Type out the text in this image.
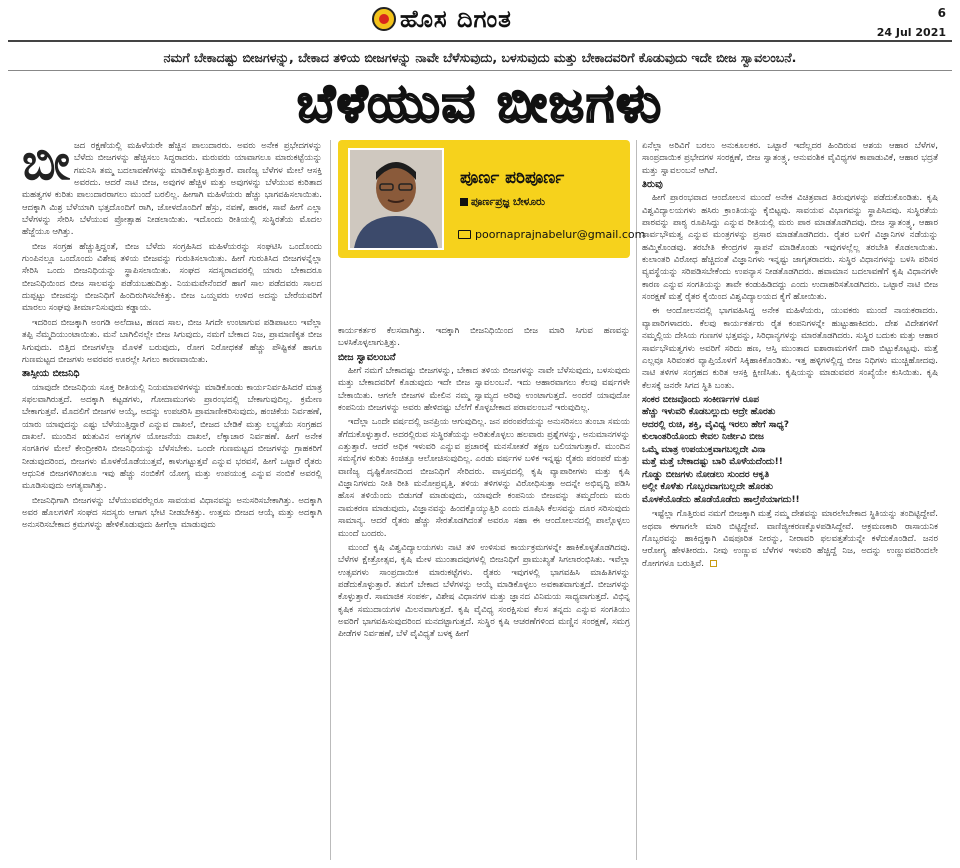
ಹೊಸ ದಿಗಂತ	6
24 Jul 2021
ನಮಗೆ ಬೇಕಾದಷ್ಟು ಬೀಜಗಳನ್ನು, ಬೇಕಾದ ತಳಿಯ ಬೀಜಗಳನ್ನು ನಾವೇ ಬೆಳೆಸುವುದು, ಬಳಸುವುದು ಮತ್ತು ಬೇಕಾದವರಿಗೆ ಕೊಡುವುದು ಇದೇ ಬೀಜ ಸ್ವಾವಲಂಬನೆ.
ಬೆಳೆಯುವ ಬೀಜಗಳು
ಬೀ ಜದ ರಕ್ಷಣೆಯಲ್ಲಿ ಮಹಿಳೆಯರೇ ಹೆಚ್ಚಿನ ಪಾಲುದಾರರು. ಅವರು ಅನೇಕ ಪ್ರಭೇದಗಳನ್ನು ಬೆಳೆದು ಬೀಜಗಳನ್ನು ಹೆಚ್ಚಿಸಲು ಸಿದ್ಧರಾದರು. ಮರುವರು ಯಾವಾಗಲೂ ಮಾರುಕಟ್ಟೆಯನ್ನು ಗಮನಿಸಿ ತಮ್ಮ ಬದಲಾವಣೆಗಳನ್ನು ಮಾಡಿಕೊಳ್ಳುತ್ತಿರುತ್ತಾರೆ. ವಾಣಿಜ್ಯ ಬೆಳೆಗಳ ಮೇಲೆ ಆಸಕ್ತಿ ಅವರದು. ಆದರೆ ನಾಟಿ ಬೀಜ, ಅವುಗಳ ಹೆಚ್ಚಿಳ ಮತ್ತು ಅವುಗಳನ್ನು ಬೆಳೆಯುವ ಕುರಿತಾದ ಮಹತ್ವಗಳ ಕುರಿತು ಪಾಲುದಾರರಾಗಲು ಮುಂದೆ ಬರಲಿಲ್ಲ. ಹೀಗಾಗಿ ಮಹಿಳೆಯರು ಹೆಚ್ಚು ಭಾಗವಹಿಸಲಾಯಿತು. ಆದಕ್ಕಾಗಿ ಮಿಶ್ರ ಬೆಳೆಯಾಗಿ ಭತ್ತದೊಂದಿಗೆ ರಾಗಿ, ಜೋಳದೊಂದಿಗೆ ಹೆಸ್ರು, ನವಣೆ, ಹಾರಕ, ಸಾವೆ ಹೀಗೆ ಎಲ್ಲಾ ಬೆಳೆಗಳನ್ನು ಸೇರಿಸಿ ಬೆಳೆಯುವ ಪ್ರೋತ್ಸಾಹ ನೀಡಲಾಯಿತು. ಇದೊಂದು ರೀತಿಯಲ್ಲಿ ಸುಸ್ಥಿರತೆಯ ಮೊದಲ ಹೆಜ್ಜೆಯೂ ಆಗಿತ್ತು.

ಬೀಜ ಸಂಗ್ರಹ ಹೆಚ್ಚುತ್ತಿದ್ದಂತೆ, ಬೀಜ ಬೆಳೆದು ಸಂಗ್ರಹಿಸಿದ ಮಹಿಳೆಯರನ್ನು ಸಂಘಟಿಸಿ ಒಂದೊಂದು ಗುಂಪಿನಲ್ಲೂ ಒಂದೊಂದು ವಿಶೇಷ ತಳಿಯ ಬೀಜವನ್ನು ಗುರುತಿಸಲಾಯಿತು. ಹೀಗೆ ಗುರುತಿಸಿದ ಬೀಜಗಳನ್ನೆಲ್ಲಾ ಸೇರಿಸಿ ಒಂದು ಬೀಜನಿಧಿಯನ್ನು ಸ್ಥಾಪಿಸಲಾಯಿತು. ಸಂಘದ ಸದಸ್ಯರಾದವರಲ್ಲಿ ಯಾರು ಬೇಕಾದರೂ ಬೀಜನಿಧಿಯಿಂದ ಬೀಜ ಸಾಲವನ್ನು ಪಡೆಯಬಹುದಿತ್ತು. ನಿಯಮವೇನೆಂದರೆ ಹಾಗೆ ಸಾಲ ಪಡೆದವರು ಸಾಲದ ದುಪ್ಪಟ್ಟು ಬೀಜವನ್ನು ಬೀಜನಿಧಿಗೆ ಹಿಂದಿರುಗಿಸಬೇಕಿತ್ತು. ಬೀಜ ಒಯ್ದವರು ಉಳಿದ ಅದನ್ನು ಬೇರೆಯವರಿಗೆ ಮಾರಲು ಸಂಘವು ತೀರ್ಮಾನಿಸುವುದು ಕಡ್ಡಾಯ.

ಇದರಿಂದ ಬೀಜಕ್ಕಾಗಿ ಅಂಗಡಿ ಅಲೆದಾಟ, ಹಣದ ಸಾಲ, ಬೀಜ ಸಿಗದೇ ಉಂಟಾಗುವ ಪಡಿಪಾಟಲು ಇವೆಲ್ಲಾ ತಪ್ಪಿ ನೆಮ್ಮದಿಯುಂಟಾಯಿತು. ಮನೆ ಬಾಗಿಲಿನಲ್ಲೇ ಬೀಜ ಸಿಗುವುದು, ನಮಗೆ ಬೇಕಾದ ನಿಜ, ಪ್ರಾಮಾಣಿಕೃತ ಬೀಜ ಸಿಗುವುದು. ಬಿತ್ತಿದ ಬೀಜಗಳೆಲ್ಲಾ ಮೊಳಕೆ ಬರುವುದು, ರೋಗ ನಿರೋಧಕತೆ ಹೆಚ್ಚು ಪೌಷ್ಟಿಕತೆ ಹಾಗೂ ಗುಣಮಟ್ಟದ ಬೀಜಗಳು ಅವರವರ ಊರಲ್ಲೇ ಸಿಗಲು ಕಾರಣವಾಯಿತು.

ತಾಸ್ಸೀಯ ಬೀಜನಿಧಿ

ಯಾವುದೇ ಬೀಜನಿಧಿಯ ಸೂಕ್ತ ರೀತಿಯಲ್ಲಿ ನಿಯಮಾವಳಿಗಳನ್ನು ಮಾಡಿಕೊಂಡು ಕಾರ್ಯನಿರ್ವಹಿಸಿದರೆ ಮಾತ್ರ ಸಫಲವಾಗಿರುತ್ತದೆ. ಅದಕ್ಕಾಗಿ ಕಟ್ಟಡಗಳು, ಗೋದಾಮುಗಳು ಪ್ರಾರಂಭದಲ್ಲಿ ಬೇಕಾಗುವುದಿಲ್ಲ. ಕ್ರಮೇಣ ಬೇಕಾಗುತ್ತವೆ. ಮೊದಲಿಗೆ ಬೀಜಗಳ ಆಯ್ಕೆ, ಅದನ್ನು ಉಪಚರಿಸಿ ಪ್ರಾಮಾಣೀಕರಿಸುವುದು, ಹಂಚಿಕೆಯ ನಿರ್ವಹಣೆ, ಯಾರು ಯಾವುದನ್ನು ಎಷ್ಟು ಬೆಳೆಯುತ್ತಿದ್ದಾರೆ ಎನ್ನುವ ದಾಖಲೆ, ಬೀಜದ ಬೇಡಿಕೆ ಮತ್ತು ಲಭ್ಯತೆಯ ಸಂಗ್ರಹದ ದಾಖಲೆ. ಮುಂದಿನ ಋತುವಿನ ಅಗತ್ಯಗಳ ಯೋಜನೆಯ ದಾಖಲೆ, ಲೆಕ್ಕಾಚಾರ ನಿರ್ವಹಣೆ. ಹೀಗೆ ಅನೇಕ ಸಂಗತಿಗಳ ಮೇಲೆ ಕೇಂದ್ರೀಕರಿಸಿ ಬೀಜನಿಧಿಯನ್ನು ಬೆಳೆಸಬೇಕು. ಒಂದೇ ಗುಣಮಟ್ಟದ ಬೀಜಗಳನ್ನು ಗ್ರಾಹಕರಿಗೆ ನೀಡುವುದರಿಂದ, ಬೀಜಗಳು ಮೊಳಕೆಯೊಡೆಯುತ್ತವೆ, ಕಾಳುಗಟ್ಟುತ್ತವೆ ಎನ್ನುವ ಭರವಸೆ, ಹೀಗೆ ಒಟ್ಟಾರೆ ರೈತರು ಆಧುನಿಕ ಬೀಜಗಳಿಗಿಂತಲೂ ಇವು ಹೆಚ್ಚು ನಂಬಿಕೆಗೆ ಯೋಗ್ಯ ಮತ್ತು ಉಪಯುಕ್ತ ಎನ್ನುವ ನಂಬಿಕೆ ಅವರಲ್ಲಿ ಮೂಡಿಸುವುದು ಅಗತ್ಯವಾಗಿತ್ತು.

ಬೀಜನಿಧಿಗಾಗಿ ಬೀಜಗಳನ್ನು ಬೆಳೆಯುವವರೆಲ್ಲರೂ ಸಾವಯವ ವಿಧಾನವನ್ನು ಅನುಸರಿಸಬೇಕಾಗಿತ್ತು. ಅದಕ್ಕಾಗಿ ಅವರ ಹೊಲಗಳಿಗೆ ಸಂಘದ ಸದಸ್ಯರು ಆಗಾಗ ಭೇಟಿ ನೀಡಬೇಕಿತ್ತು. ಉತ್ತಮ ಬೀಜದ ಆಯ್ಕೆ ಮತ್ತು ಅದಕ್ಕಾಗಿ ಅನುಸರಿಸಬೇಕಾದ ಕ್ರಮಗಳನ್ನು ಹೇಳಿಕೊಡುವುದು ಹೀಗೆಲ್ಲಾ ಮಾಡುವುದು

ಪೂರ್ಣ ಪರಿಪೂರ್ಣ
ಪೂರ್ಣಪ್ರಜ್ಞ ಬೇಳೂರು
poornaprajnabelur@gmail.com

ಕಾರ್ಯಕರ್ತರ ಕೆಲಸವಾಗಿತ್ತು. ಇದಕ್ಕಾಗಿ ಬೀಜನಿಧಿಯಿಂದ ಬೀಜ ಮಾರಿ ಸಿಗುವ ಹಣವನ್ನು ಬಳಸಿಕೊಳ್ಳಲಾಗುತ್ತಿತ್ತು.

ಬೀಜ ಸ್ವಾವಲಂಬನೆ

ಹೀಗೆ ನಮಗೆ ಬೇಕಾದಷ್ಟು ಬೀಜಗಳನ್ನು, ಬೇಕಾದ ತಳಿಯ ಬೀಜಗಳನ್ನು ನಾವೇ ಬೆಳೆಸುವುದು, ಬಳಸುವುದು ಮತ್ತು ಬೇಕಾದವರಿಗೆ ಕೊಡುವುದು ಇದೇ ಬೀಜ ಸ್ವಾವಲಂಬನೆ. ಇದು ಆಹಾರವಾಗಲು ಕೆಲವು ವರ್ಷಗಳೇ ಬೇಕಾಯಿತು. ಆಗಲೇ ಬೀಜಗಳ ಮೇಲಿನ ನಮ್ಮ ಸ್ವಾಮ್ಯದ ಅರಿವು ಉಂಟಾಗುತ್ತದೆ. ಅಂದರೆ ಯಾವುದೋ ಕಂಪನಿಯ ಬೀಜಗಳನ್ನು ಅವರು ಹೇಳಿದಷ್ಟು ಬೆಲೆಗೆ ಕೊಳ್ಳಬೇಕಾದ ಪರಾವಲಂಬನೆ ಇರುವುದಿಲ್ಲ.

ಇದೆಲ್ಲಾ ಒಂದೇ ವರ್ಷದಲ್ಲಿ ಜನಪ್ರಿಯ ಆಗುವುದಿಲ್ಲ. ಜನ ಪರಂಪರೆಯನ್ನು ಅನುಸರಿಸಲು ತುಂಬಾ ಸಮಯ ತೆಗೆದುಕೊಳ್ಳುತ್ತಾರೆ. ಅದರಲ್ಲಿರುವ ಸುಸ್ಥಿರತೆಯನ್ನು ಅರಿತುಕೊಳ್ಳಲು ಹಲವಾರು ಪ್ರಶ್ನೆಗಳನ್ನು, ಅನುಮಾನಗಳನ್ನು ಎತ್ತುತ್ತಾರೆ. ಆದರೆ ಅಧಿಕ ಇಳುವರಿ ಎನ್ನುವ ಪ್ರಚಾರಕ್ಕೆ ಮನಸೋತರೆ ತಕ್ಷಣ ಬಲಿಯಾಗುತ್ತಾರೆ. ಮುಂದಿನ ಸಮಸ್ಯೆಗಳ ಕುರಿತು ಕಿಂಚಿತ್ತೂ ಆಲೋಚಿಸುವುದಿಲ್ಲ. ಎರಡು ವರ್ಷಗಳ ಬಳಿಕ ಇನ್ನಷ್ಟು ರೈತರು ಪರಂಪರೆ ಮತ್ತು ವಾಣಿಜ್ಯ ದೃಷ್ಟಿಕೋನದಿಂದ ಬೀಜನಿಧಿಗೆ ಸೇರಿದರು. ವಾಸ್ತವದಲ್ಲಿ ಕೃಷಿ ವ್ಯಾಪಾರೀಗಳು ಮತ್ತು ಕೃಷಿ ವಿಜ್ಞಾನಿಗಳದು ನೀತಿ ರೀತಿ ಮನೋಪ್ರವೃತ್ತಿ. ತಳಿಯ ತಳಿಗಳನ್ನು ವಿರೋಧಿಸುತ್ತಾ ಅದನ್ನೇ ಅಭಿವೃದ್ಧಿ ಪಡಿಸಿ ಹೊಸ ತಳಿಯೆಂದು ಬಿಡುಗಡೆ ಮಾಡುವುದು, ಯಾವುದೇ ಕಂಪನಿಯ ಬೀಜವನ್ನು ತಮ್ಮದೆಂದು ಮರು ನಾಮಕರಣ ಮಾಡುವುದು, ವಿಜ್ಞಾನವನ್ನು ಹಿಂದಕ್ಕೊಯ್ಯುತ್ತಿರಿ ಎಂದು ದೂಷಿಸಿ ಕೆಲಸವನ್ನು ದೂರ ಸರಿಸುವುದು ಸಾಮಾನ್ಯ. ಆದರೆ ರೈತರು ಹೆಚ್ಚು ಸೇರತೊಡಗಿದಂತೆ ಅವರೂ ಸಹಾ ಈ ಆಂದೋಲನದಲ್ಲಿ ಪಾಲ್ಗೊಳ್ಳಲು ಮುಂದೆ ಬಂದರು.

ಮುಂದೆ ಕೃಷಿ ವಿಶ್ವವಿದ್ಯಾಲಯಗಳು ನಾಟಿ ತಳಿ ಉಳಿಸುವ ಕಾರ್ಯಕ್ರಮಗಳನ್ನೇ ಹಾಕಿಕೊಳ್ಳತೊಡಗಿದವು. ಬೆಳೆಗಳ ಕ್ಷೇತ್ರೋತ್ಸವ, ಕೃಷಿ ಮೇಳ ಮುಂತಾದವುಗಳಲ್ಲಿ ಬೀಜನಿಧಿಗೆ ಪ್ರಾಮುಖ್ಯತೆ ಸಿಗಲಾರಂಭಿಸಿತು. ಇವೆಲ್ಲಾ ಉತ್ಸವಗಳು ಸಾಂಪ್ರದಾಯಿಕ ಮಾರುಕಟ್ಟೆಗಳು. ರೈತರು ಇವುಗಳಲ್ಲಿ ಭಾಗವಹಿಸಿ ಮಾಹಿತಿಗಳನ್ನು ಪಡೆದುಕೊಳ್ಳುತ್ತಾರೆ. ತಮಗೆ ಬೇಕಾದ ಬೆಳೆಗಳನ್ನು ಆಯ್ಕೆ ಮಾಡಿಕೊಳ್ಳಲು ಅವಕಾಶವಾಗುತ್ತದೆ. ಬೀಜಗಳನ್ನು ಕೊಳ್ಳುತ್ತಾರೆ. ಸಾಮಾಜಿಕ ಸಂಪರ್ಕ, ವಿಶೇಷ ವಿಧಾನಗಳ ಮತ್ತು ಜ್ಞಾನದ ವಿನಿಮಯ ಸಾಧ್ಯವಾಗುತ್ತದೆ. ವಿಭಿನ್ನ ಕೃಷಿಕ ಸಮುದಾಯಗಳ ಮಿಲನವಾಗುತ್ತದೆ. ಕೃಷಿ ವೈವಿಧ್ಯ ಸಂರಕ್ಷಿಸುವ ಕೆಲಸ ತನ್ನದು ಎನ್ನುವ ಸಂಗತಿಯು ಅವರಿಗೆ ಭಾಗವಹಿಸುವುದರಿಂದ ಮನದಟ್ಟಾಗುತ್ತದೆ. ಸುಸ್ಥಿರ ಕೃಷಿ ಆಚರಣೆಗಳಿಂದ ಮಣ್ಣಿನ ಸಂರಕ್ಷಣೆ, ಸಮಗ್ರ ಪೀಡೆಗಳ ನಿರ್ವಹಣೆ, ಬೆಳೆ ವೈವಿಧ್ಯತೆ ಬಳಕ್ಕ ಹೀಗೆ

ಏನೆಲ್ಲಾ ಅರಿವಿಗೆ ಬರಲು ಅನುಕೂಲಕರ. ಒಟ್ಟಾರೆ ಇದೆಲ್ಲದರ ಹಿಂದಿರುವ ಆಶಯ ಆಹಾರ ಬೆಳೆಗಳ, ಸಾಂಪ್ರದಾಯಿಕ ಪ್ರಭೇದಗಳ ಸಂರಕ್ಷಣೆ, ಬೀಜ ಸ್ವಾತಂತ್ರ್ಯ, ಆನುವಂಶಿಕ ವೈವಿಧ್ಯಗಳ ಕಾಪಾಡುವಿಕೆ, ಆಹಾರ ಭದ್ರತೆ ಮತ್ತು ಸ್ವಾವಲಂಬನೆ ಆಗಿದೆ.

ತಿರುವು

ಹೀಗೆ ಪ್ರಾರಂಭವಾದ ಆಂದೋಲನ ಮುಂದೆ ಅನೇಕ ವಿಚಿತ್ರವಾದ ತಿರುವುಗಳನ್ನು ಪಡೆದುಕೊಂಡಿತು. ಕೃಷಿ ವಿಶ್ವವಿದ್ಯಾಲಯಗಳು ಹಸಿರು ಕ್ರಾಂತಿಯನ್ನು ಕೈಬಿಟ್ಟವು. ಸಾವಯವ ವಿಭಾಗವನ್ನು ಸ್ಥಾಪಿಸಿದವು. ಸುಸ್ಥಿರತೆಯ ಪಾಠವನ್ನು ಪಾಠ್ಯ ರೂಪಿಸಿದ್ದು ಎನ್ನುವ ರೀತಿಯಲ್ಲಿ ಮರು ಪಾಠ ಮಾಡತೊಡಗಿದವು. ಬೀಜ ಸ್ವಾತಂತ್ರ್ಯ, ಆಹಾರ ಸಾರ್ವಭೌಮತ್ವ ಎನ್ನುವ ಮಂತ್ರಗಳನ್ನು ಪ್ರಸಾರ ಮಾಡತೊಡಗಿದರು. ರೈತರ ಬಳಿಗೆ ವಿಜ್ಞಾನಿಗಳ ನಡೆಯನ್ನು ಹಮ್ಮಿಕೊಂಡವು. ತರಬೇತಿ ಕೇಂದ್ರಗಳ ಸ್ಥಾಪನೆ ಮಾಡಿಕೊಂಡು ಇವುಗಳಲ್ಲೆಲ್ಲ ತರಬೇತಿ ಕೊಡಲಾಯಿತು. ಕುಲಾಂತರಿ ವಿರೋಧ ಹೆಚ್ಚಿದಂತೆ ವಿಜ್ಞಾನಿಗಳು ಇನ್ನಷ್ಟು ಜಾಗೃತರಾದರು. ಸುಸ್ಥಿರ ವಿಧಾನಗಳನ್ನು ಬಳಸಿ ಪರಿಸರ ವ್ಯವಸ್ಥೆಯನ್ನು ಸರಿಪಡಿಸಬೇಕೆಂದು ಉಪನ್ಯಾಸ ನೀಡತೊಡಗಿದರು. ಹವಾಮಾನ ಬದಲಾವಣೆಗೆ ಕೃಷಿ ವಿಧಾನಗಳೇ ಕಾರಣ ಎನ್ನುವ ಸಂಗತಿಯನ್ನು ತಾವೇ ಕಂಡುಹಿಡಿದದ್ದು ಎಂದು ಉದಾಹರಿಸತೊಡಗಿದರು. ಒಟ್ಟಾರೆ ನಾಟಿ ಬೀಜ ಸಂರಕ್ಷಣೆ ಮತ್ತೆ ರೈತರ ಕೈಯಿಂದ ವಿಶ್ವವಿದ್ಯಾಲಯದ ಕೈಗೆ ಹೋಯಿತು.

ಈ ಆಂದೋಲನದಲ್ಲಿ ಭಾಗವಹಿಸಿದ್ದ ಅನೇಕ ಮಹಿಳೆಯರು, ಯುವಕರು ಮುಂದೆ ನಾಯಕರಾದರು. ವ್ಯಾಪಾರಿಗಳಾದರು. ಕೆಲವು ಕಾರ್ಯಕರ್ತರು ರೈತ ಕಂಪನಿಗಳನ್ನೇ ಹುಟ್ಟುಹಾಕಿದರು. ದೇಶ ವಿದೇಶಗಳಿಗೆ ನಮ್ಮಲ್ಲಿಯ ದೇಸಿಯ ಗುಣಗಳ ಭತ್ತವನ್ನು, ಸಿರಿಧಾನ್ಯಗಳನ್ನು ಮಾರತೊಡಗಿದರು. ಸುಸ್ಥಿರ ಬದುಕು ಮತ್ತು ಆಹಾರ ಸಾರ್ವಭೌಮತ್ವಗಳು ಅವರಿಗೆ ಸರಿದು ಹಣ, ಆಸ್ತಿ ಮುಂತಾದ ಐಶಾರಾಮಗಳಿಗೆ ದಾರಿ ಬಿಟ್ಟುಕೊಟ್ಟವು. ಮತ್ತೆ ಎಲ್ಲವೂ ಸಿರಿವಂತರ ವ್ಯಾಪ್ತಿಯೊಳಗೆ ಸಿಕ್ಕಿಹಾಕಿಕೊಂಡಿತು. ಇತ್ತ ಹಳ್ಳಿಗಳಲ್ಲಿದ್ದ ಬೀಜ ನಿಧಿಗಳು ಮುಚ್ಚಿಹೋದವು. ನಾಟಿ ತಳಿಗಳ ಸಂಗ್ರಹದ ಕುರಿತ ಆಸಕ್ತಿ ಕ್ಷೀಣಿಸಿತು. ಕೃಷಿಯನ್ನು ಮಾಡುವವರ ಸಂಖ್ಯೆಯೇ ಕುಸಿಯಿತು. ಕೃಷಿ ಕೆಲಸಕ್ಕೆ ಜನರೇ ಸಿಗದ ಸ್ಥಿತಿ ಬಂತು.

ಸಂಕರ ಬೀಜವೊಂದು ಸಂಕೀರ್ಣಗಳ ರೂಪ
ಹೆಚ್ಚು ಇಳುವರಿ ಕೊಡಬಲ್ಲುದು ಆದ್ರೇ ಹೊರತು
ಆದರಲ್ಲಿ ರುಚಿ, ಶಕ್ತಿ, ವೈವಿಧ್ಯ ಇರಲು ಹೇಗೆ ಸಾಧ್ಯ?
ಕುಲಾಂತರಿಯೊಂದು ಕೇವಲ ನಿರ್ಜೀವಿ ಬೀಜ
ಒಮ್ಮೆ ಮಾತ್ರ ಉಪಯುಕ್ತವಾಗಬಲ್ಲದೇ ವಿನಾ
ಮತ್ತೆ ಮತ್ತೆ ಬೇಕಾದಷ್ಟು ಬಾರಿ ಮೊಳೆಯದೆಂದು!!
ಗೊಡ್ಡು ಬೀಜಗಳು ನೋಡಲು ಸುಂದರ ಆಕೃತಿ
ಅಲ್ಲೀ ಕೊಳೆತು ಗೊಬ್ಬರವಾಗಬಲ್ಲದೇ ಹೊರತು
ಮೊಳಕೆಯೊಡೆದು ಹೊಡೆಯೊಡೆದು ಹಾಲ್ತೆನೆಯಾಗದು!!

ಇಷ್ಟೆಲ್ಲಾ ಗೊತ್ತಿರುವ ನಮಗೆ ಬೀಜಕ್ಕಾಗಿ ಮತ್ತೆ ನಮ್ಮ ದೇಶವನ್ನು ಮಾರಲೇಬೇಕಾದ ಸ್ಥಿತಿಯನ್ನು ತಂದಿಟ್ಟಿದ್ದೇವೆ. ಅಥವಾ ಈಗಾಗಲೇ ಮಾರಿ ಬಿಟ್ಟಿದ್ದೇವೆ. ವಾಣಿಜ್ಯೀಕರಣಕ್ಕೊಳಪಡಿಸಿದ್ದೇವೆ. ಆಕ್ರಮಣಕಾರಿ ರಾಸಾಯನಿಕ ಗೊಬ್ಬರವನ್ನು ಹಾಕಿದ್ದಕ್ಕಾಗಿ ವಿಷಪೂರಿತ ನೀರನ್ನು, ನೀರಾವರಿ ಫಲವತ್ತತೆಯನ್ನೇ ಕಳೆದುಕೊಂಡಿದೆ. ಜನರ ಆರೋಗ್ಯ ಹೇಳತೀರದು. ನೀವು ಉಣ್ಣುವ ಬೆಳೆಗಳ ಇಳುವರಿ ಹೆಚ್ಚಿದ್ದೆ ನಿಜ, ಅದನ್ನು ಉಣ್ಣುವವರಿಂದಲೇ ರೋಗಗಳೂ ಬರುತ್ತಿವೆ.
